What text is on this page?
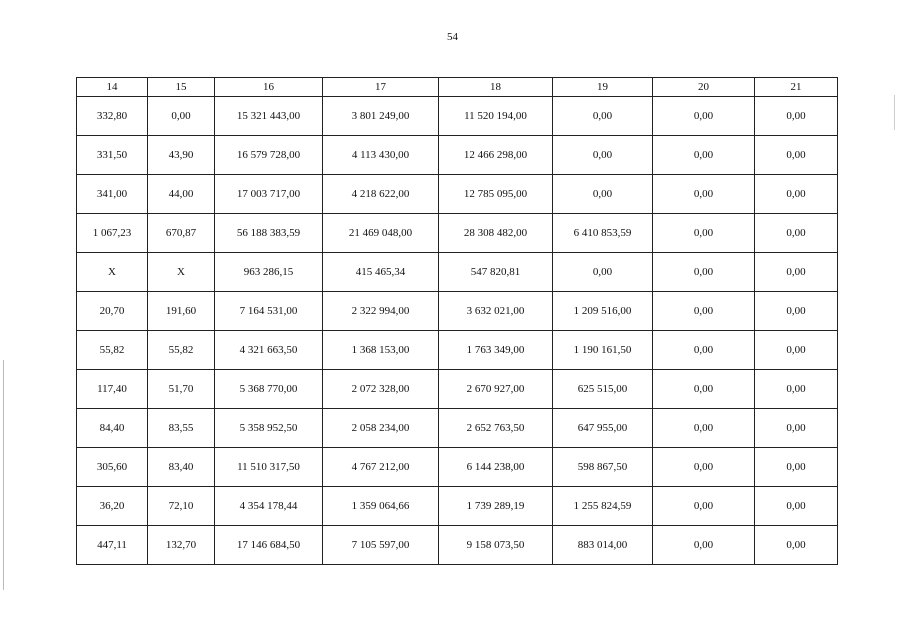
54
14	15	16	17	18	19	20	21
332,80	0,00	15 321 443,00	3 801 249,00	11 520 194,00	0,00	0,00	0,00
331,50	43,90	16 579 728,00	4 113 430,00	12 466 298,00	0,00	0,00	0,00
341,00	44,00	17 003 717,00	4 218 622,00	12 785 095,00	0,00	0,00	0,00
1 067,23	670,87	56 188 383,59	21 469 048,00	28 308 482,00	6 410 853,59	0,00	0,00
X	X	963 286,15	415 465,34	547 820,81	0,00	0,00	0,00
20,70	191,60	7 164 531,00	2 322 994,00	3 632 021,00	1 209 516,00	0,00	0,00
55,82	55,82	4 321 663,50	1 368 153,00	1 763 349,00	1 190 161,50	0,00	0,00
117,40	51,70	5 368 770,00	2 072 328,00	2 670 927,00	625 515,00	0,00	0,00
84,40	83,55	5 358 952,50	2 058 234,00	2 652 763,50	647 955,00	0,00	0,00
305,60	83,40	11 510 317,50	4 767 212,00	6 144 238,00	598 867,50	0,00	0,00
36,20	72,10	4 354 178,44	1 359 064,66	1 739 289,19	1 255 824,59	0,00	0,00
447,11	132,70	17 146 684,50	7 105 597,00	9 158 073,50	883 014,00	0,00	0,00
